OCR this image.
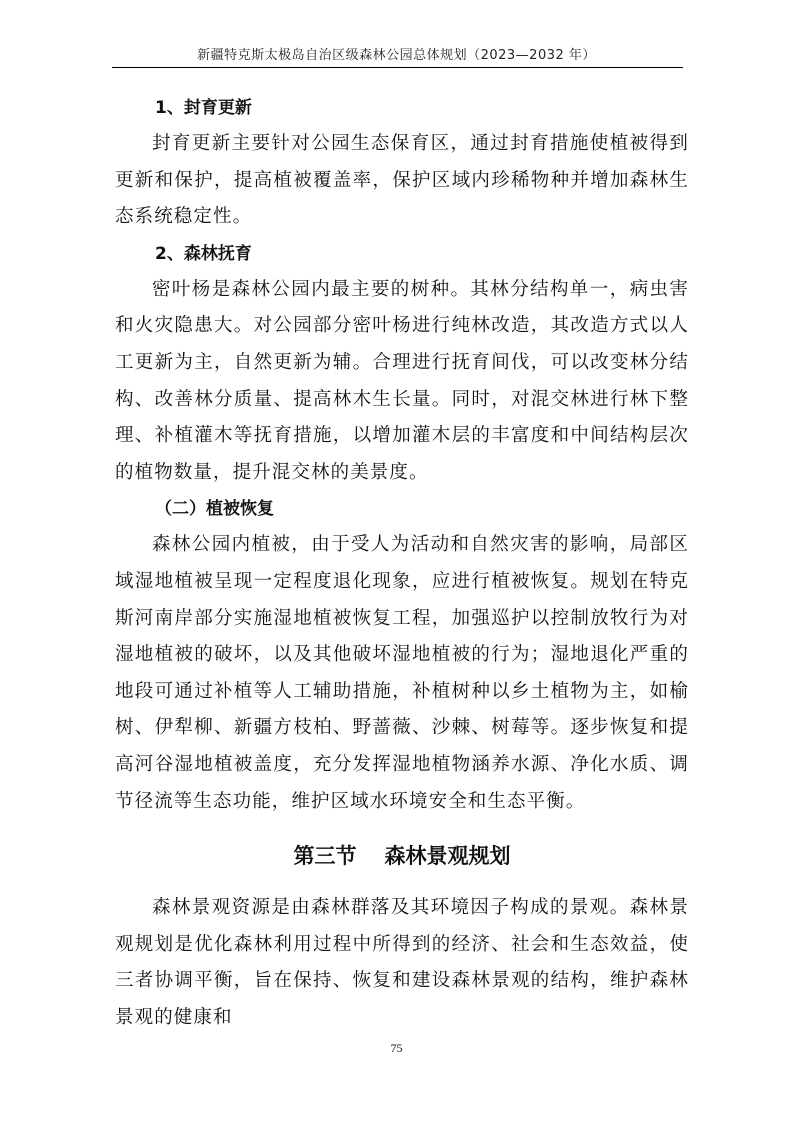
新疆特克斯太极岛自治区级森林公园总体规划（2023—2032 年）
1、封育更新

封育更新主要针对公园生态保育区，通过封育措施使植被得到更新和保护，提高植被覆盖率，保护区域内珍稀物种并增加森林生态系统稳定性。

2、森林抚育

密叶杨是森林公园内最主要的树种。其林分结构单一，病虫害和火灾隐患大。对公园部分密叶杨进行纯林改造，其改造方式以人工更新为主，自然更新为辅。合理进行抚育间伐，可以改变林分结构、改善林分质量、提高林木生长量。同时，对混交林进行林下整理、补植灌木等抚育措施，以增加灌木层的丰富度和中间结构层次的植物数量，提升混交林的美景度。

（二）植被恢复

森林公园内植被，由于受人为活动和自然灾害的影响，局部区域湿地植被呈现一定程度退化现象，应进行植被恢复。规划在特克斯河南岸部分实施湿地植被恢复工程，加强巡护以控制放牧行为对湿地植被的破坏，以及其他破坏湿地植被的行为；湿地退化严重的地段可通过补植等人工辅助措施，补植树种以乡土植物为主，如榆树、伊犁柳、新疆方枝柏、野蔷薇、沙棘、树莓等。逐步恢复和提高河谷湿地植被盖度，充分发挥湿地植物涵养水源、净化水质、调节径流等生态功能，维护区域水环境安全和生态平衡。

第三节 森林景观规划

森林景观资源是由森林群落及其环境因子构成的景观。森林景观规划是优化森林利用过程中所得到的经济、社会和生态效益，使三者协调平衡，旨在保持、恢复和建设森林景观的结构，维护森林景观的健康和

75
